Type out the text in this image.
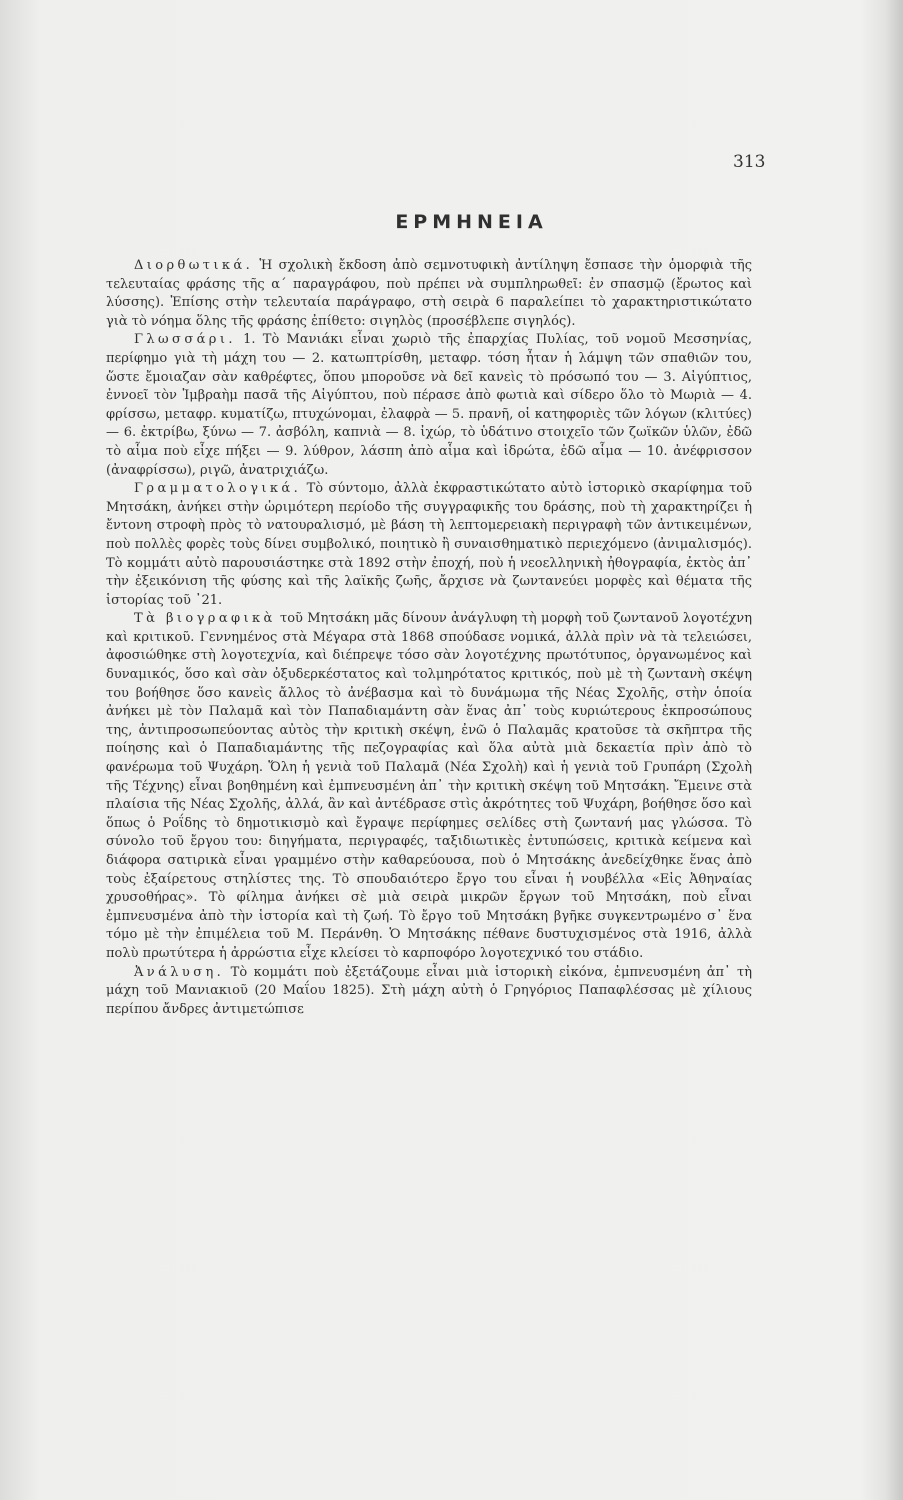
313
ΕΡΜΗΝΕΙΑ

Διορθωτικά. Ἡ σχολικὴ ἔκδοση ἀπὸ σεμνοτυφικὴ ἀντίληψη ἔσπασε τὴν ὁμορφιὰ τῆς τελευταίας φράσης τῆς α΄ παραγράφου, ποὺ πρέπει νὰ συμπληρωθεῖ: ἐν σπασμῷ (ἔρωτος καὶ λύσσης). Ἐπίσης στὴν τελευταία παράγραφο, στὴ σειρὰ 6 παραλείπει τὸ χαρακτηριστικώτατο γιὰ τὸ νόημα ὅλης τῆς φράσης ἐπίθετο: σιγηλὸς (προσέβλεπε σιγηλός).

Γλωσσάρι. 1. Τὸ Μανιάκι εἶναι χωριὸ τῆς ἐπαρχίας Πυλίας, τοῦ νομοῦ Μεσσηνίας, περίφημο γιὰ τὴ μάχη του — 2. κατωπτρίσθη, μεταφρ. τόση ἦταν ἡ λάμψη τῶν σπαθιῶν του, ὥστε ἔμοιαζαν σὰν καθρέφτες, ὅπου μποροῦσε νὰ δεῖ κανεὶς τὸ πρόσωπό του — 3. Αἰγύπτιος, ἐννοεῖ τὸν Ἰμβραὴμ πασᾶ τῆς Αἰγύπτου, ποὺ πέρασε ἀπὸ φωτιὰ καὶ σίδερο ὅλο τὸ Μωριὰ — 4. φρίσσω, μεταφρ. κυματίζω, πτυχώνομαι, ἐλαφρὰ — 5. πρανῆ, οἱ κατηφοριὲς τῶν λόγων (κλιτύες) — 6. ἐκτρίβω, ξύνω — 7. ἀσβόλη, καπνιὰ — 8. ἰχώρ, τὸ ὑδάτινο στοιχεῖο τῶν ζωϊκῶν ὑλῶν, ἐδῶ τὸ αἷμα ποὺ εἶχε πήξει — 9. λύθρον, λάσπη ἀπὸ αἷμα καὶ ἱδρώτα, ἐδῶ αἷμα — 10. ἀνέφρισσον (ἀναφρίσσω), ριγῶ, ἀνατριχιάζω.

Γραμματολογικά. Τὸ σύντομο, ἀλλὰ ἐκφραστικώτατο αὐτὸ ἱστορικὸ σκαρίφημα τοῦ Μητσάκη, ἀνήκει στὴν ὡριμότερη περίοδο τῆς συγγραφικῆς του δράσης, ποὺ τὴ χαρακτηρίζει ἡ ἔντονη στροφὴ πρὸς τὸ νατουραλισμό, μὲ βάση τὴ λεπτομερειακὴ περιγραφὴ τῶν ἀντικειμένων, ποὺ πολλὲς φορὲς τοὺς δίνει συμβολικό, ποιητικὸ ἢ συναισθηματικὸ περιεχόμενο (ἀνιμαλισμός). Τὸ κομμάτι αὐτὸ παρουσιάστηκε στὰ 1892 στὴν ἐποχή, ποὺ ἡ νεοελληνικὴ ἠθογραφία, ἐκτὸς ἀπ᾽ τὴν ἐξεικόνιση τῆς φύσης καὶ τῆς λαϊκῆς ζωῆς, ἄρχισε νὰ ζωντανεύει μορφὲς καὶ θέματα τῆς ἱστορίας τοῦ ᾽21.

Τὰ βιογραφικὰ τοῦ Μητσάκη μᾶς δίνουν ἀνάγλυφη τὴ μορφὴ τοῦ ζωντανοῦ λογοτέχνη καὶ κριτικοῦ. Γεννημένος στὰ Μέγαρα στὰ 1868 σπούδασε νομικά, ἀλλὰ πρὶν νὰ τὰ τελειώσει, ἀφοσιώθηκε στὴ λογοτεχνία, καὶ διέπρεψε τόσο σὰν λογοτέχνης πρωτότυπος, ὀργανωμένος καὶ δυναμικός, ὅσο καὶ σὰν ὀξυδερκέστατος καὶ τολμηρότατος κριτικός, ποὺ μὲ τὴ ζωντανὴ σκέψη του βοήθησε ὅσο κανεὶς ἄλλος τὸ ἀνέβασμα καὶ τὸ δυνάμωμα τῆς Νέας Σχολῆς, στὴν ὁποία ἀνήκει μὲ τὸν Παλαμᾶ καὶ τὸν Παπαδιαμάντη σὰν ἕνας ἀπ᾽ τοὺς κυριώτερους ἐκπροσώπους της, ἀντιπροσωπεύοντας αὐτὸς τὴν κριτικὴ σκέψη, ἐνῶ ὁ Παλαμᾶς κρατοῦσε τὰ σκῆπτρα τῆς ποίησης καὶ ὁ Παπαδιαμάντης τῆς πεζογραφίας καὶ ὅλα αὐτὰ μιὰ δεκαετία πρὶν ἀπὸ τὸ φανέρωμα τοῦ Ψυχάρη. Ὅλη ἡ γενιὰ τοῦ Παλαμᾶ (Νέα Σχολὴ) καὶ ἡ γενιὰ τοῦ Γρυπάρη (Σχολὴ τῆς Τέχνης) εἶναι βοηθημένη καὶ ἐμπνευσμένη ἀπ᾽ τὴν κριτικὴ σκέψη τοῦ Μητσάκη. Ἔμεινε στὰ πλαίσια τῆς Νέας Σχολῆς, ἀλλά, ἂν καὶ ἀντέδρασε στὶς ἀκρότητες τοῦ Ψυχάρη, βοήθησε ὅσο καὶ ὅπως ὁ Ροΐδης τὸ δημοτικισμὸ καὶ ἔγραψε περίφημες σελίδες στὴ ζωντανή μας γλώσσα. Τὸ σύνολο τοῦ ἔργου του: διηγήματα, περιγραφές, ταξιδιωτικὲς ἐντυπώσεις, κριτικὰ κείμενα καὶ διάφορα σατιρικὰ εἶναι γραμμένο στὴν καθαρεύουσα, ποὺ ὁ Μητσάκης ἀνεδείχθηκε ἕνας ἀπὸ τοὺς ἐξαίρετους στηλίστες της. Τὸ σπουδαιότερο ἔργο του εἶναι ἡ νουβέλλα «Εἰς Ἀθηναίας χρυσοθήρας». Τὸ φίλημα ἀνήκει σὲ μιὰ σειρὰ μικρῶν ἔργων τοῦ Μητσάκη, ποὺ εἶναι ἐμπνευσμένα ἀπὸ τὴν ἱστορία καὶ τὴ ζωή. Τὸ ἔργο τοῦ Μητσάκη βγῆκε συγκεντρωμένο σ᾽ ἕνα τόμο μὲ τὴν ἐπιμέλεια τοῦ Μ. Περάνθη. Ὁ Μητσάκης πέθανε δυστυχισμένος στὰ 1916, ἀλλὰ πολὺ πρωτύτερα ἡ ἀρρώστια εἶχε κλείσει τὸ καρποφόρο λογοτεχνικό του στάδιο.

Ἀνάλυση. Τὸ κομμάτι ποὺ ἐξετάζουμε εἶναι μιὰ ἱστορικὴ εἰκόνα, ἐμπνευσμένη ἀπ᾽ τὴ μάχη τοῦ Μανιακιοῦ (20 Μαΐου 1825). Στὴ μάχη αὐτὴ ὁ Γρηγόριος Παπαφλέσσας μὲ χίλιους περίπου ἄνδρες ἀντιμετώπισε
